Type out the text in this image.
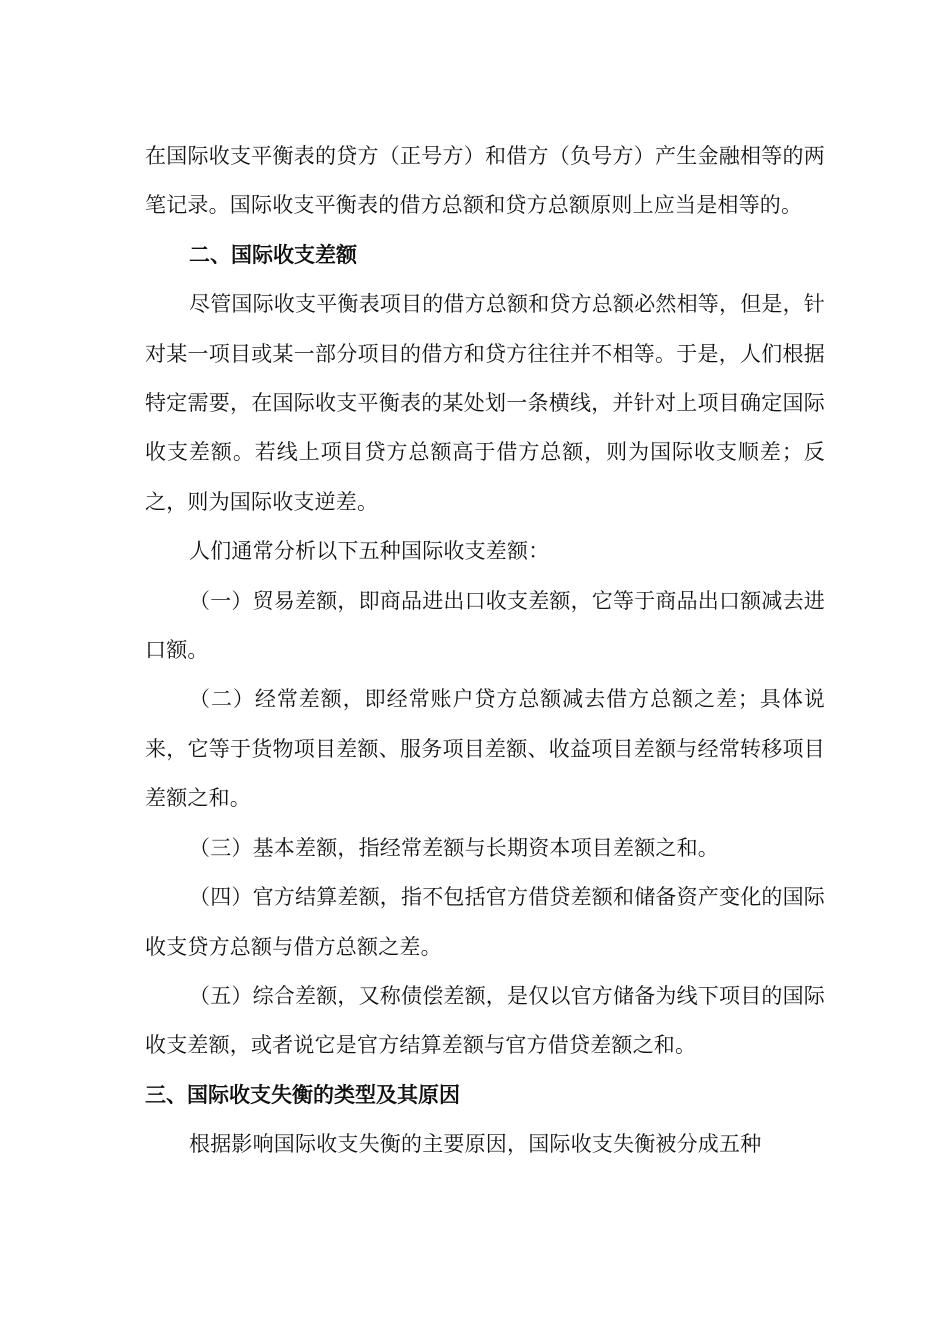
在国际收支平衡表的贷方（正号方）和借方（负号方）产生金融相等的两笔记录。国际收支平衡表的借方总额和贷方总额原则上应当是相等的。

二、国际收支差额

尽管国际收支平衡表项目的借方总额和贷方总额必然相等，但是，针对某一项目或某一部分项目的借方和贷方往往并不相等。于是，人们根据特定需要，在国际收支平衡表的某处划一条横线，并针对上项目确定国际收支差额。若线上项目贷方总额高于借方总额，则为国际收支顺差；反之，则为国际收支逆差。

人们通常分析以下五种国际收支差额：

（一）贸易差额，即商品进出口收支差额，它等于商品出口额减去进口额。

（二）经常差额，即经常账户贷方总额减去借方总额之差；具体说来，它等于货物项目差额、服务项目差额、收益项目差额与经常转移项目差额之和。

（三）基本差额，指经常差额与长期资本项目差额之和。

（四）官方结算差额，指不包括官方借贷差额和储备资产变化的国际收支贷方总额与借方总额之差。

（五）综合差额，又称债偿差额，是仅以官方储备为线下项目的国际收支差额，或者说它是官方结算差额与官方借贷差额之和。

三、国际收支失衡的类型及其原因

根据影响国际收支失衡的主要原因，国际收支失衡被分成五种
